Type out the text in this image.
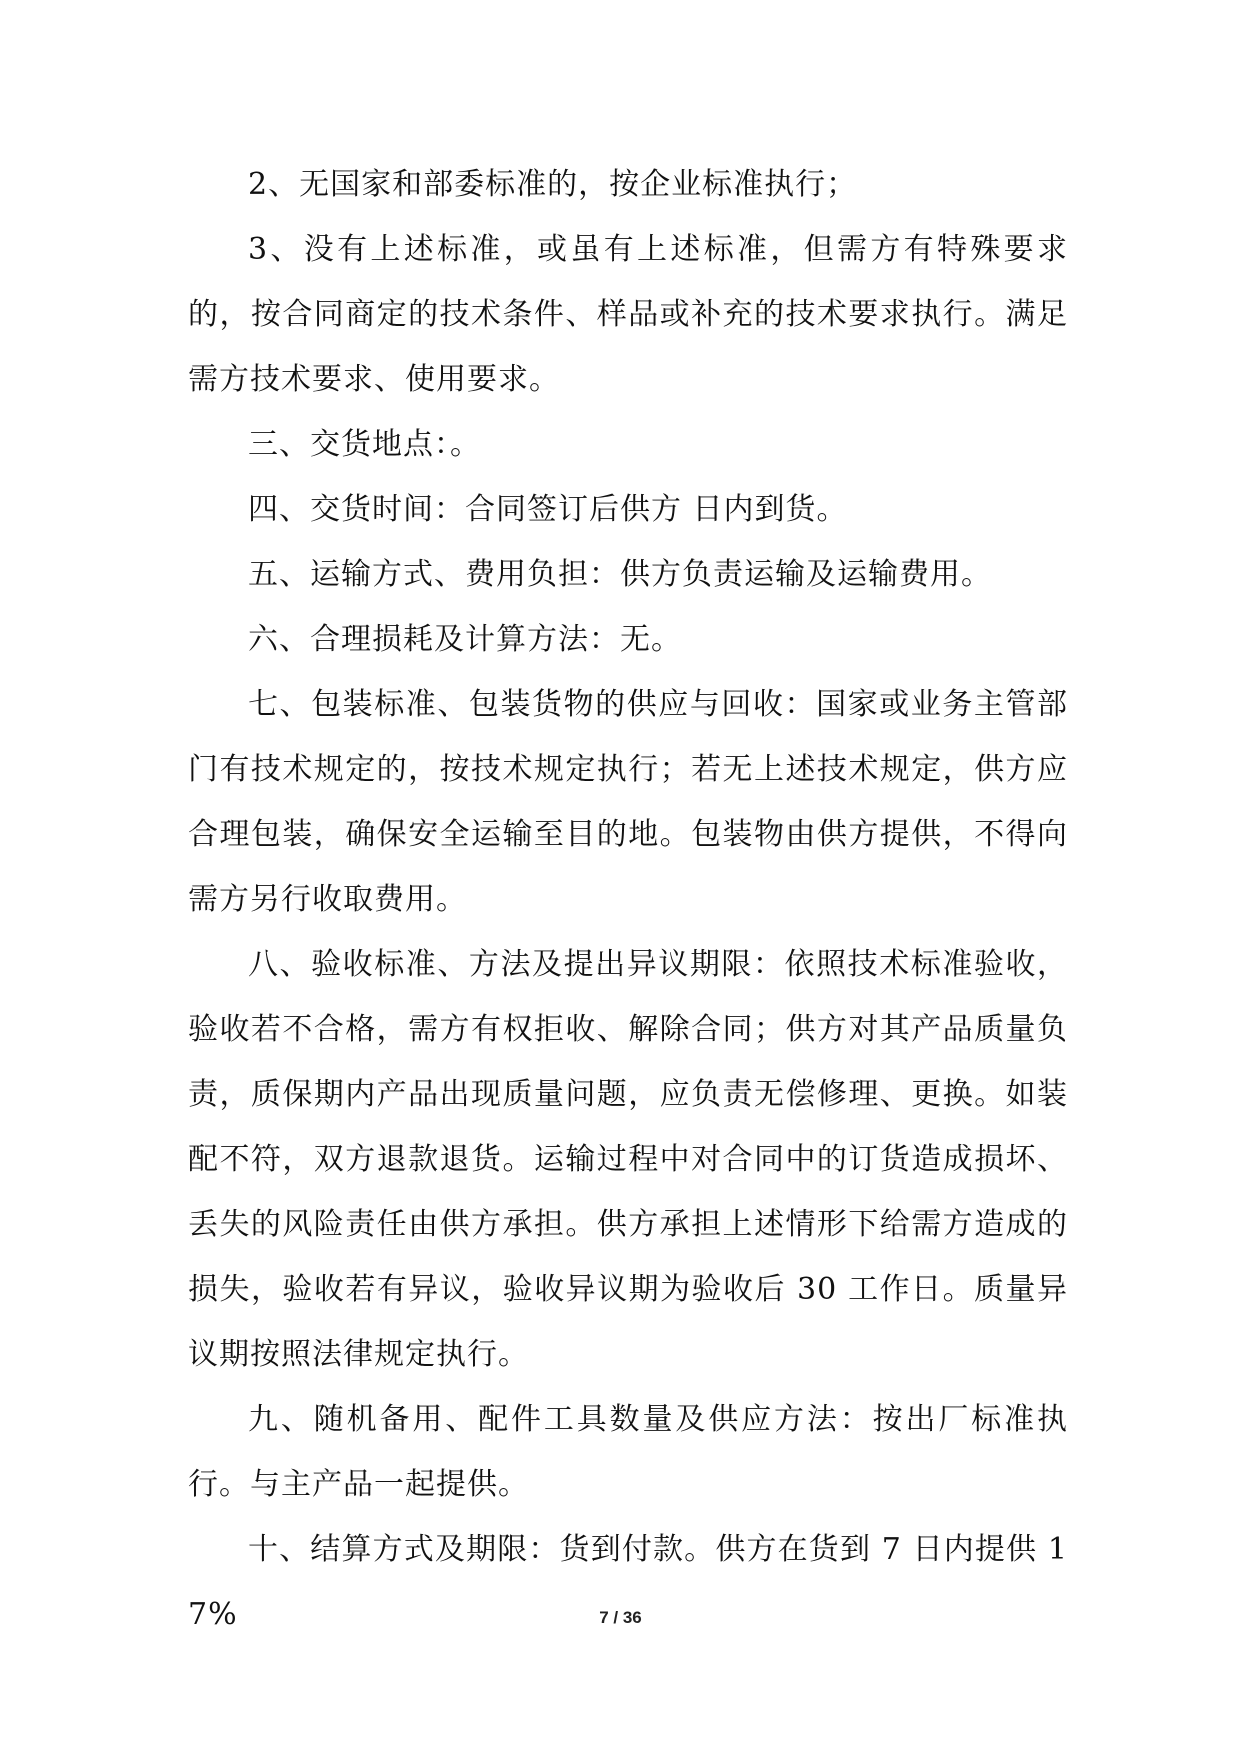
2、无国家和部委标准的，按企业标准执行；

3、没有上述标准，或虽有上述标准，但需方有特殊要求的，按合同商定的技术条件、样品或补充的技术要求执行。满足需方技术要求、使用要求。

三、交货地点：。

四、交货时间：合同签订后供方 日内到货。

五、运输方式、费用负担：供方负责运输及运输费用。

六、合理损耗及计算方法：无。

七、包装标准、包装货物的供应与回收：国家或业务主管部门有技术规定的，按技术规定执行；若无上述技术规定，供方应合理包装，确保安全运输至目的地。包装物由供方提供，不得向需方另行收取费用。

八、验收标准、方法及提出异议期限：依照技术标准验收，验收若不合格，需方有权拒收、解除合同；供方对其产品质量负责，质保期内产品出现质量问题，应负责无偿修理、更换。如装配不符，双方退款退货。运输过程中对合同中的订货造成损坏、丢失的风险责任由供方承担。供方承担上述情形下给需方造成的损失，验收若有异议，验收异议期为验收后 30 工作日。质量异议期按照法律规定执行。

九、随机备用、配件工具数量及供应方法：按出厂标准执行。与主产品一起提供。

十、结算方式及期限：货到付款。供方在货到 7 日内提供 17%	7 / 36
